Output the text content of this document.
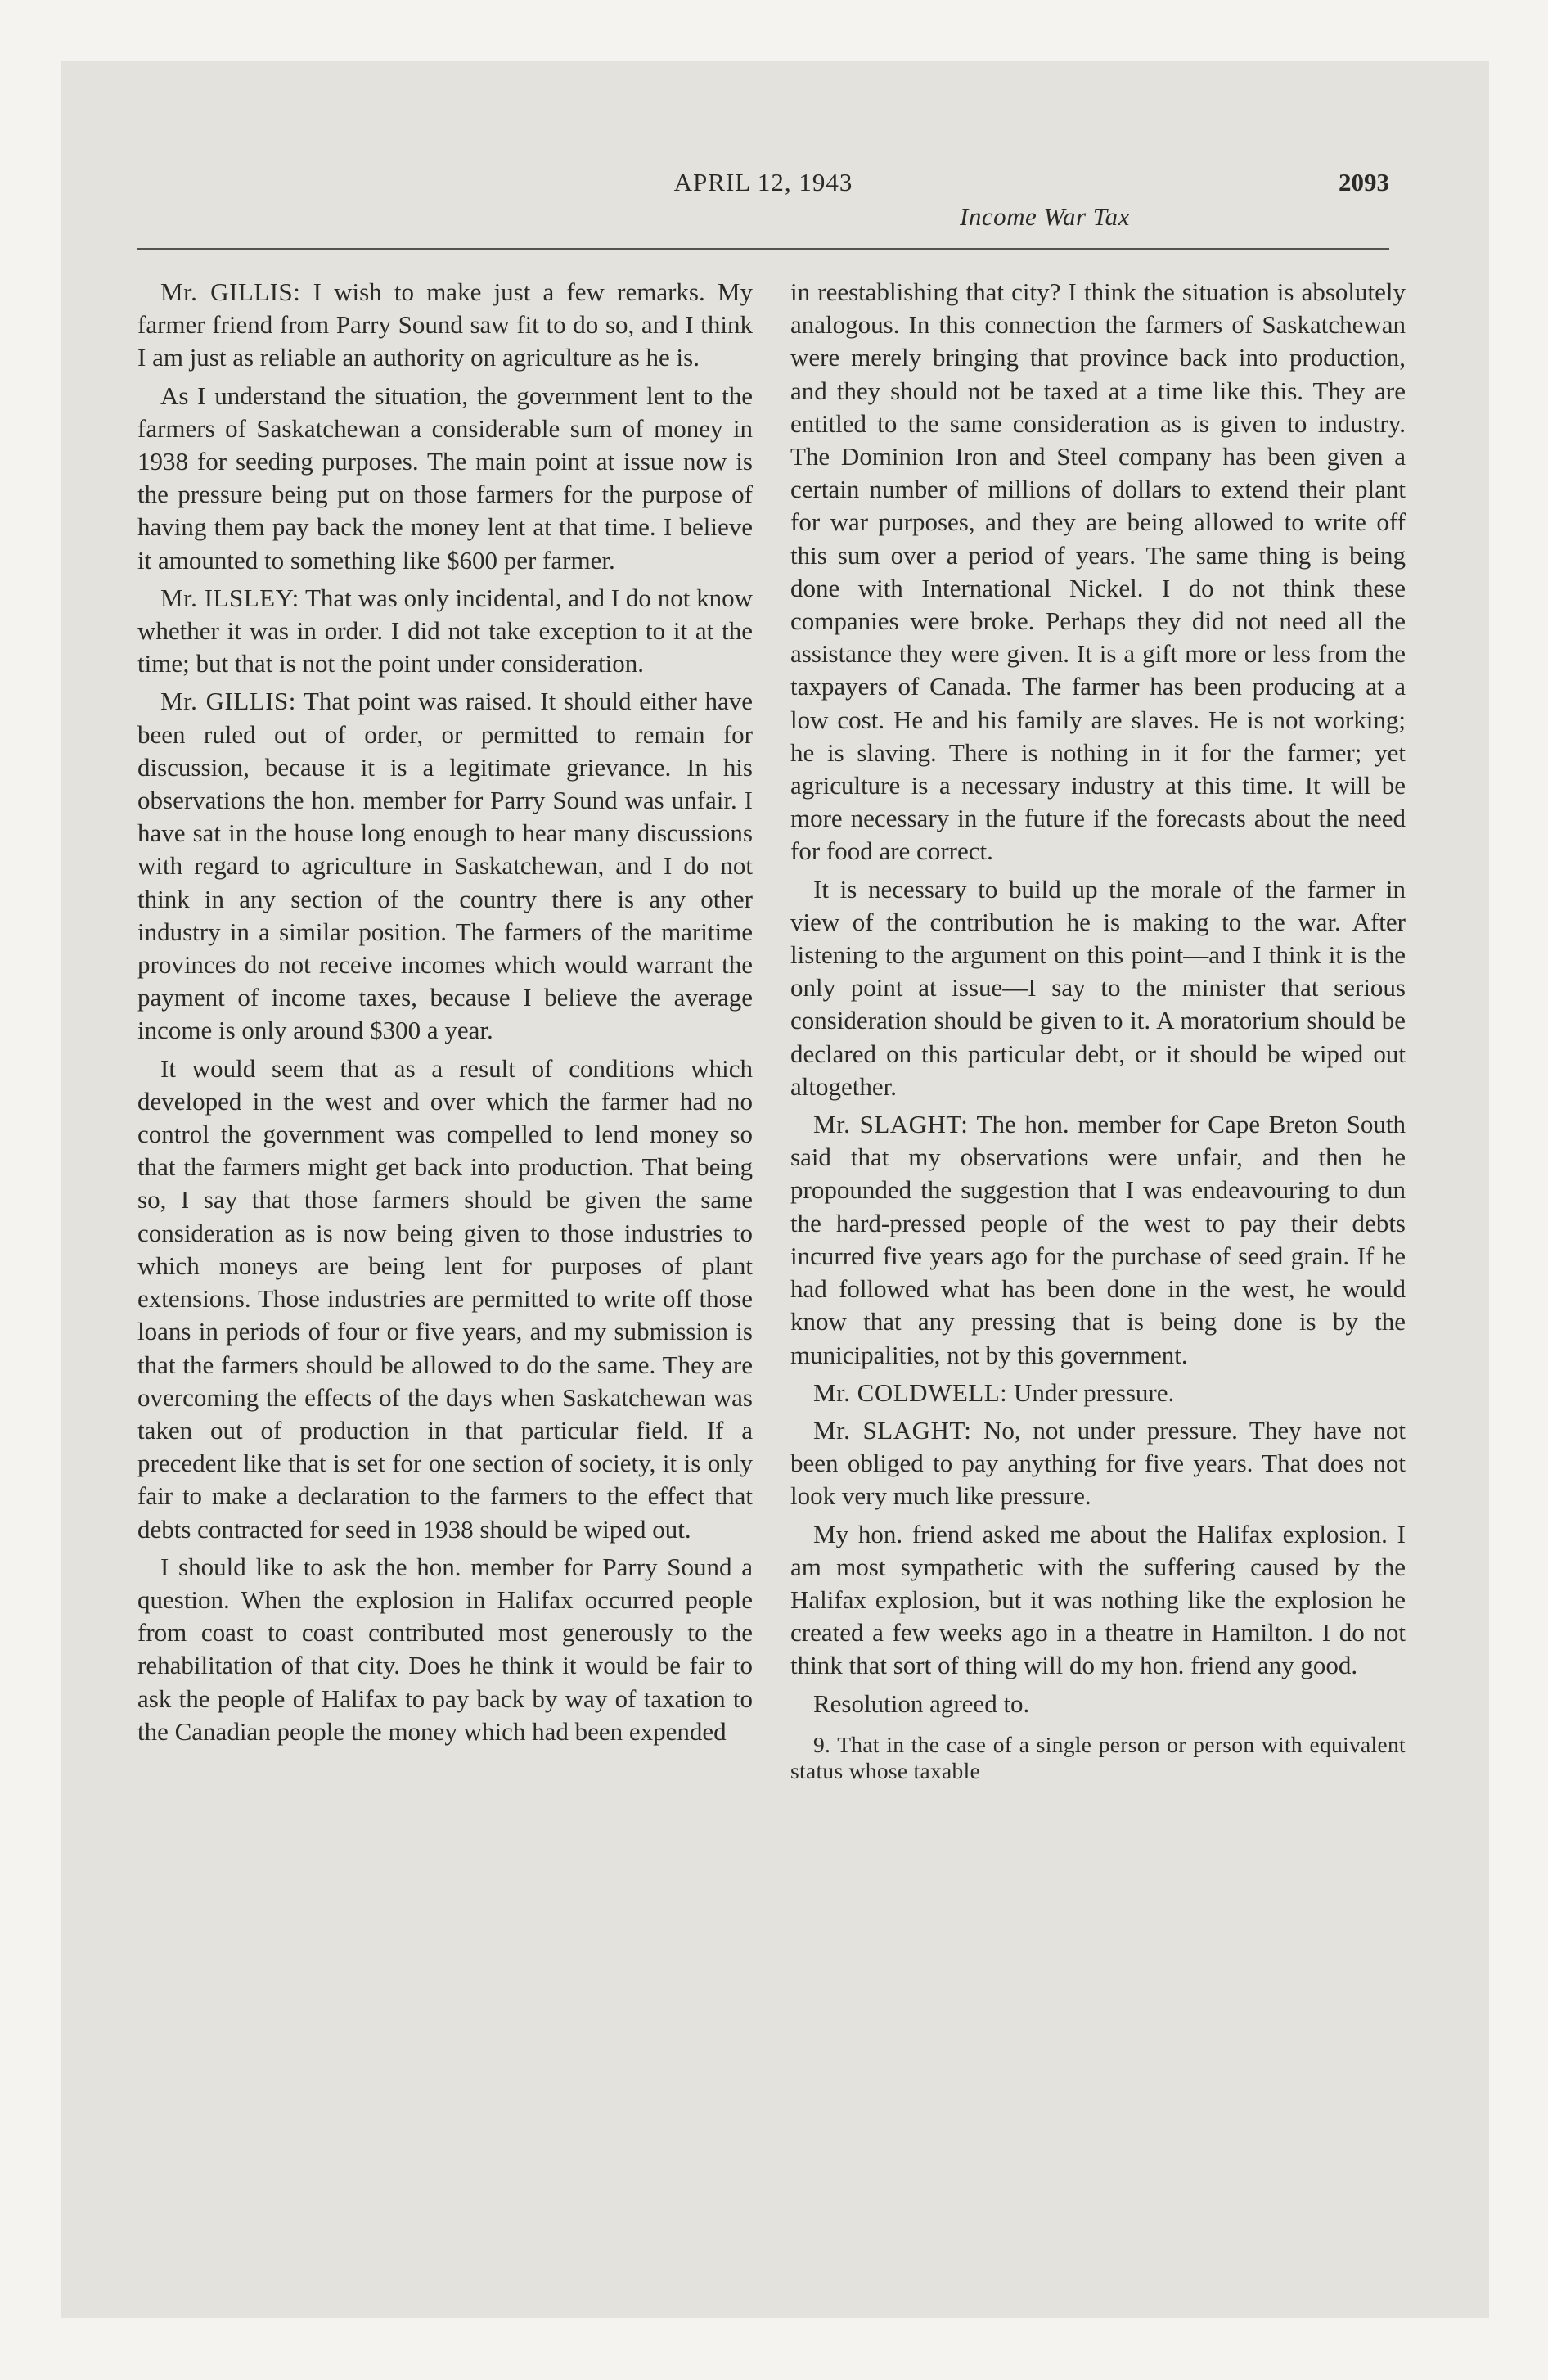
APRIL 12, 1943	2093
Income War Tax

Mr. GILLIS: I wish to make just a few remarks. My farmer friend from Parry Sound saw fit to do so, and I think I am just as reliable an authority on agriculture as he is.

As I understand the situation, the government lent to the farmers of Saskatchewan a considerable sum of money in 1938 for seeding purposes. The main point at issue now is the pressure being put on those farmers for the purpose of having them pay back the money lent at that time. I believe it amounted to something like $600 per farmer.

Mr. ILSLEY: That was only incidental, and I do not know whether it was in order. I did not take exception to it at the time; but that is not the point under consideration.

Mr. GILLIS: That point was raised. It should either have been ruled out of order, or permitted to remain for discussion, because it is a legitimate grievance. In his observations the hon. member for Parry Sound was unfair. I have sat in the house long enough to hear many discussions with regard to agriculture in Saskatchewan, and I do not think in any section of the country there is any other industry in a similar position. The farmers of the maritime provinces do not receive incomes which would warrant the payment of income taxes, because I believe the average income is only around $300 a year.

It would seem that as a result of conditions which developed in the west and over which the farmer had no control the government was compelled to lend money so that the farmers might get back into production. That being so, I say that those farmers should be given the same consideration as is now being given to those industries to which moneys are being lent for purposes of plant extensions. Those industries are permitted to write off those loans in periods of four or five years, and my submission is that the farmers should be allowed to do the same. They are overcoming the effects of the days when Saskatchewan was taken out of production in that particular field. If a precedent like that is set for one section of society, it is only fair to make a declaration to the farmers to the effect that debts contracted for seed in 1938 should be wiped out.

I should like to ask the hon. member for Parry Sound a question. When the explosion in Halifax occurred people from coast to coast contributed most generously to the rehabilitation of that city. Does he think it would be fair to ask the people of Halifax to pay back by way of taxation to the Canadian people the money which had been expended

in reestablishing that city? I think the situation is absolutely analogous. In this connection the farmers of Saskatchewan were merely bringing that province back into production, and they should not be taxed at a time like this. They are entitled to the same consideration as is given to industry. The Dominion Iron and Steel company has been given a certain number of millions of dollars to extend their plant for war purposes, and they are being allowed to write off this sum over a period of years. The same thing is being done with International Nickel. I do not think these companies were broke. Perhaps they did not need all the assistance they were given. It is a gift more or less from the taxpayers of Canada. The farmer has been producing at a low cost. He and his family are slaves. He is not working; he is slaving. There is nothing in it for the farmer; yet agriculture is a necessary industry at this time. It will be more necessary in the future if the forecasts about the need for food are correct.

It is necessary to build up the morale of the farmer in view of the contribution he is making to the war. After listening to the argument on this point—and I think it is the only point at issue—I say to the minister that serious consideration should be given to it. A moratorium should be declared on this particular debt, or it should be wiped out altogether.

Mr. SLAGHT: The hon. member for Cape Breton South said that my observations were unfair, and then he propounded the suggestion that I was endeavouring to dun the hard-pressed people of the west to pay their debts incurred five years ago for the purchase of seed grain. If he had followed what has been done in the west, he would know that any pressing that is being done is by the municipalities, not by this government.

Mr. COLDWELL: Under pressure.

Mr. SLAGHT: No, not under pressure. They have not been obliged to pay anything for five years. That does not look very much like pressure.

My hon. friend asked me about the Halifax explosion. I am most sympathetic with the suffering caused by the Halifax explosion, but it was nothing like the explosion he created a few weeks ago in a theatre in Hamilton. I do not think that sort of thing will do my hon. friend any good.

Resolution agreed to.

9. That in the case of a single person or person with equivalent status whose taxable
